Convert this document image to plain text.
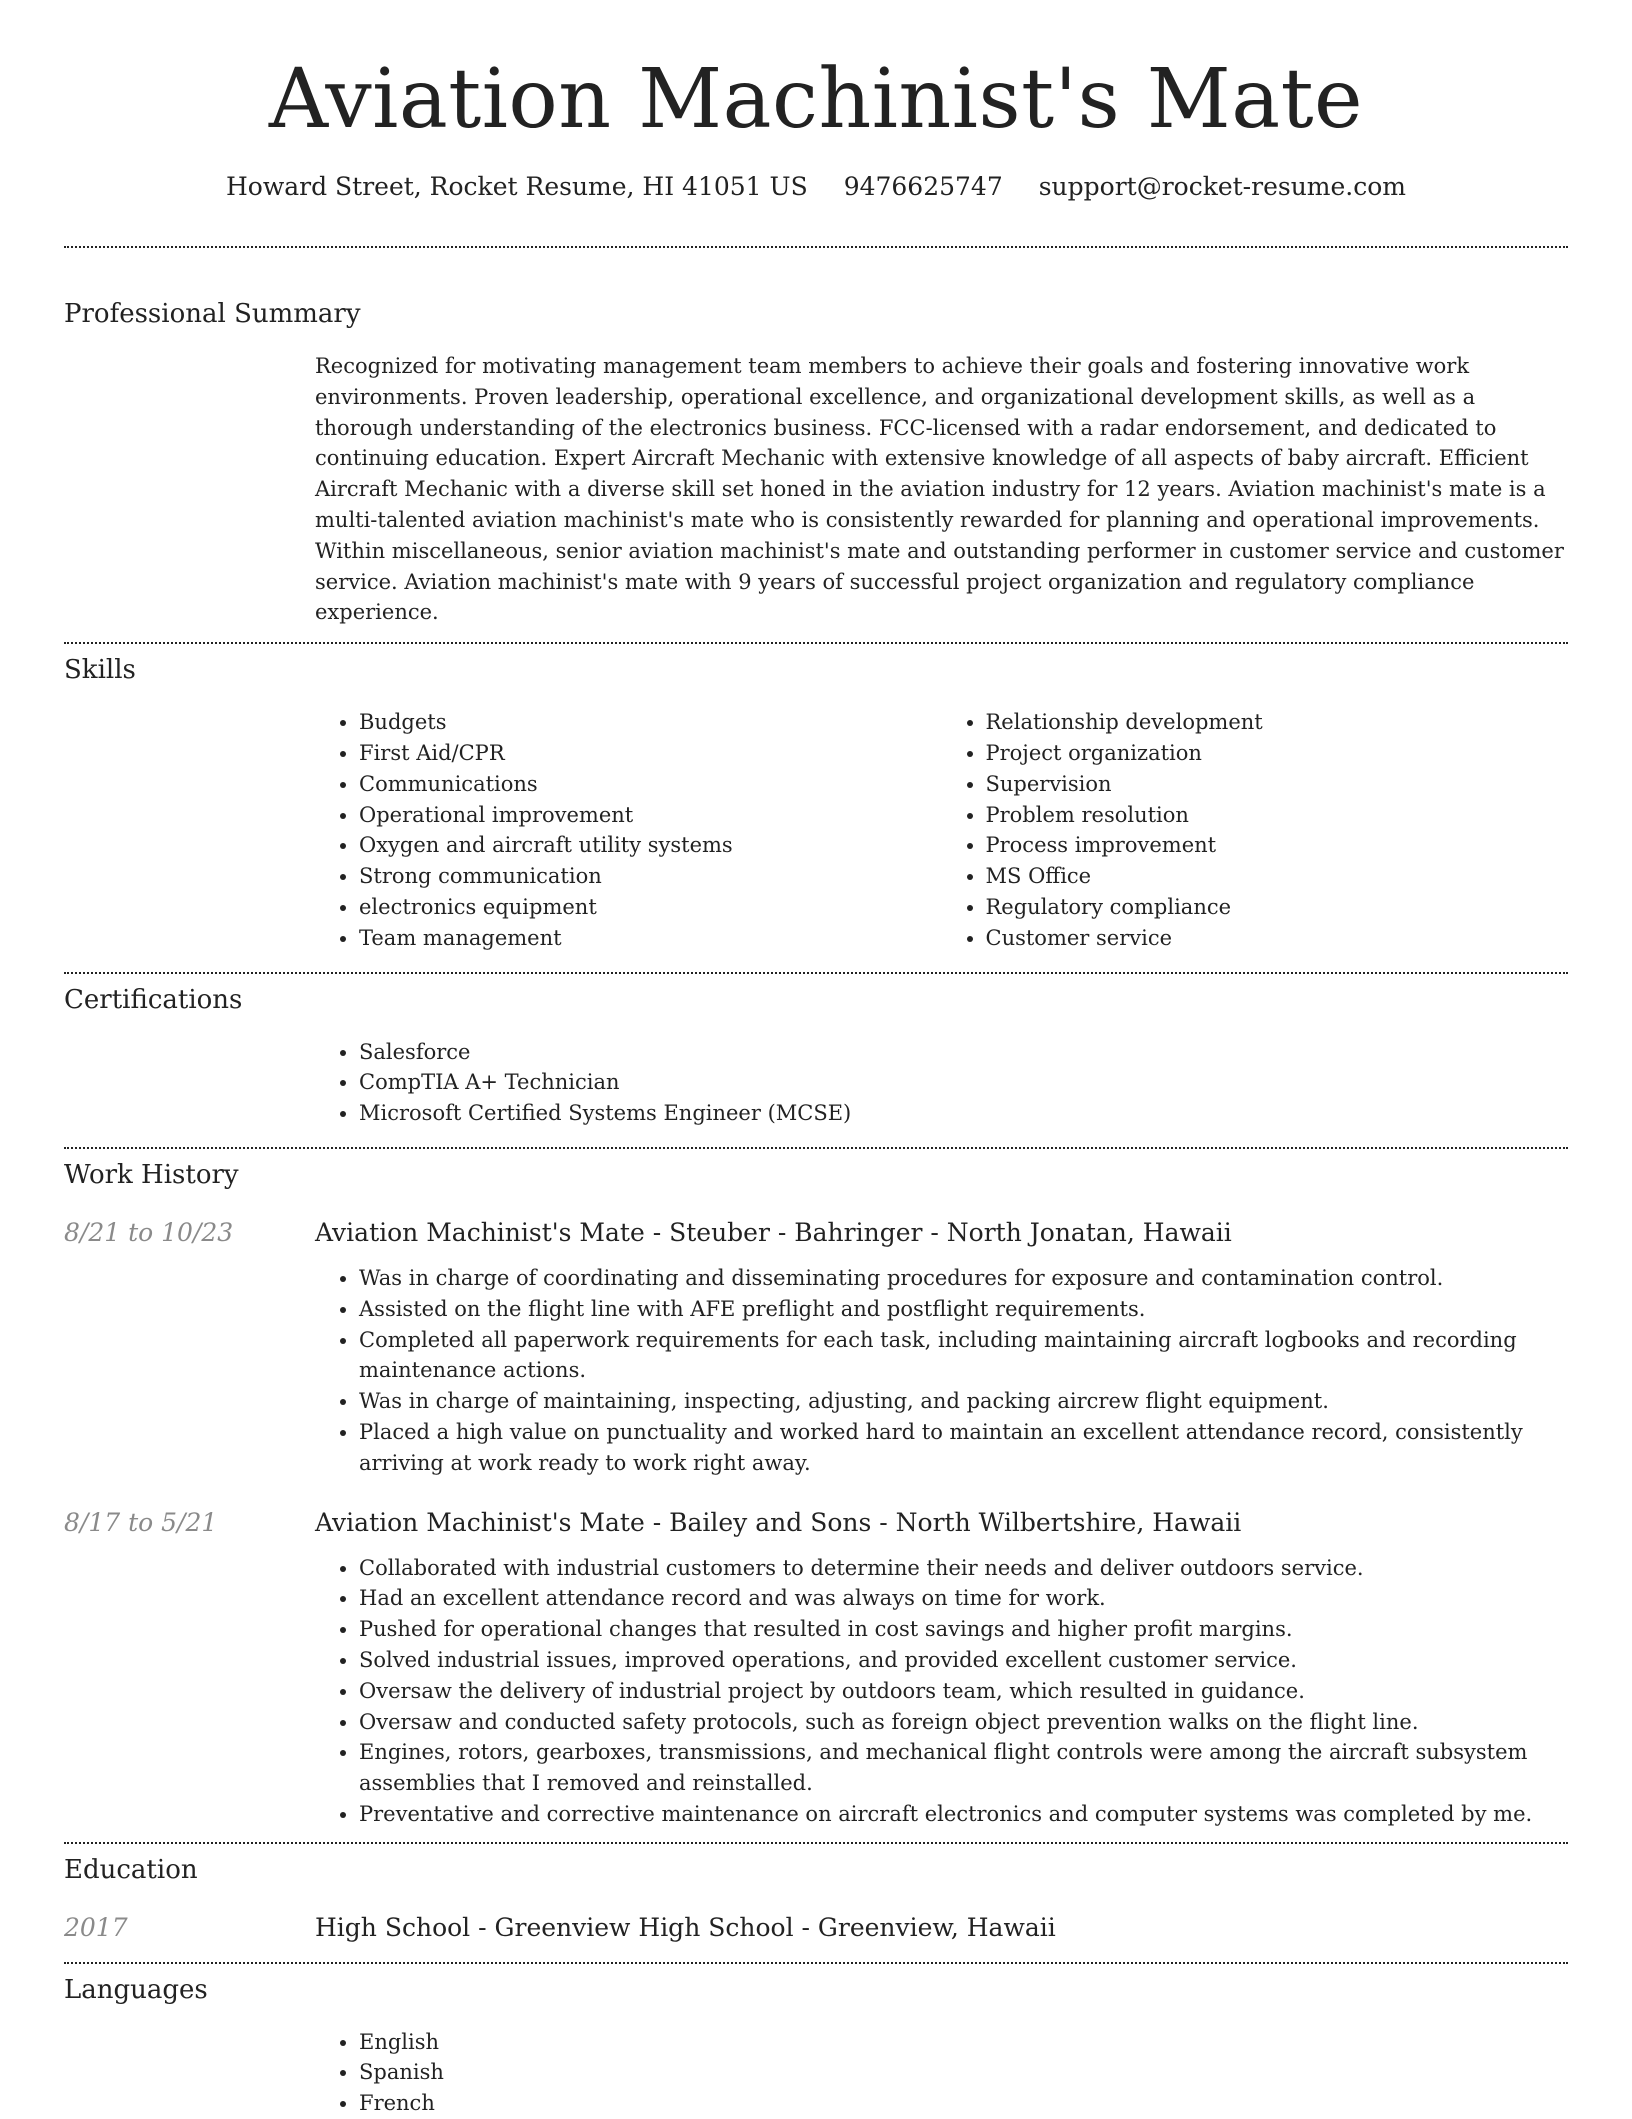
Aviation Machinist's Mate
Howard Street, Rocket Resume, HI 41051 US 9476625747 support@rocket-resume.com
Professional Summary

Recognized for motivating management team members to achieve their goals and fostering innovative work environments. Proven leadership, operational excellence, and organizational development skills, as well as a thorough understanding of the electronics business. FCC-licensed with a radar endorsement, and dedicated to continuing education. Expert Aircraft Mechanic with extensive knowledge of all aspects of baby aircraft. Efficient Aircraft Mechanic with a diverse skill set honed in the aviation industry for 12 years. Aviation machinist's mate is a multi-talented aviation machinist's mate who is consistently rewarded for planning and operational improvements. Within miscellaneous, senior aviation machinist's mate and outstanding performer in customer service and customer service. Aviation machinist's mate with 9 years of successful project organization and regulatory compliance experience.

Skills
• Budgets
• First Aid/CPR
• Communications
• Operational improvement
• Oxygen and aircraft utility systems
• Strong communication
• electronics equipment
• Team management
• Relationship development
• Project organization
• Supervision
• Problem resolution
• Process improvement
• MS Office
• Regulatory compliance
• Customer service
Certifications
• Salesforce
• CompTIA A+ Technician
• Microsoft Certified Systems Engineer (MCSE)
Work History
8/21 to 10/23	Aviation Machinist's Mate - Steuber - Bahringer - North Jonatan, Hawaii
• Was in charge of coordinating and disseminating procedures for exposure and contamination control.
• Assisted on the flight line with AFE preflight and postflight requirements.
• Completed all paperwork requirements for each task, including maintaining aircraft logbooks and recording maintenance actions.
• Was in charge of maintaining, inspecting, adjusting, and packing aircrew flight equipment.
• Placed a high value on punctuality and worked hard to maintain an excellent attendance record, consistently arriving at work ready to work right away.
8/17 to 5/21	Aviation Machinist's Mate - Bailey and Sons - North Wilbertshire, Hawaii
• Collaborated with industrial customers to determine their needs and deliver outdoors service.
• Had an excellent attendance record and was always on time for work.
• Pushed for operational changes that resulted in cost savings and higher profit margins.
• Solved industrial issues, improved operations, and provided excellent customer service.
• Oversaw the delivery of industrial project by outdoors team, which resulted in guidance.
• Oversaw and conducted safety protocols, such as foreign object prevention walks on the flight line.
• Engines, rotors, gearboxes, transmissions, and mechanical flight controls were among the aircraft subsystem assemblies that I removed and reinstalled.
• Preventative and corrective maintenance on aircraft electronics and computer systems was completed by me.
Education
2017	High School - Greenview High School - Greenview, Hawaii
Languages
• English
• Spanish
• French
